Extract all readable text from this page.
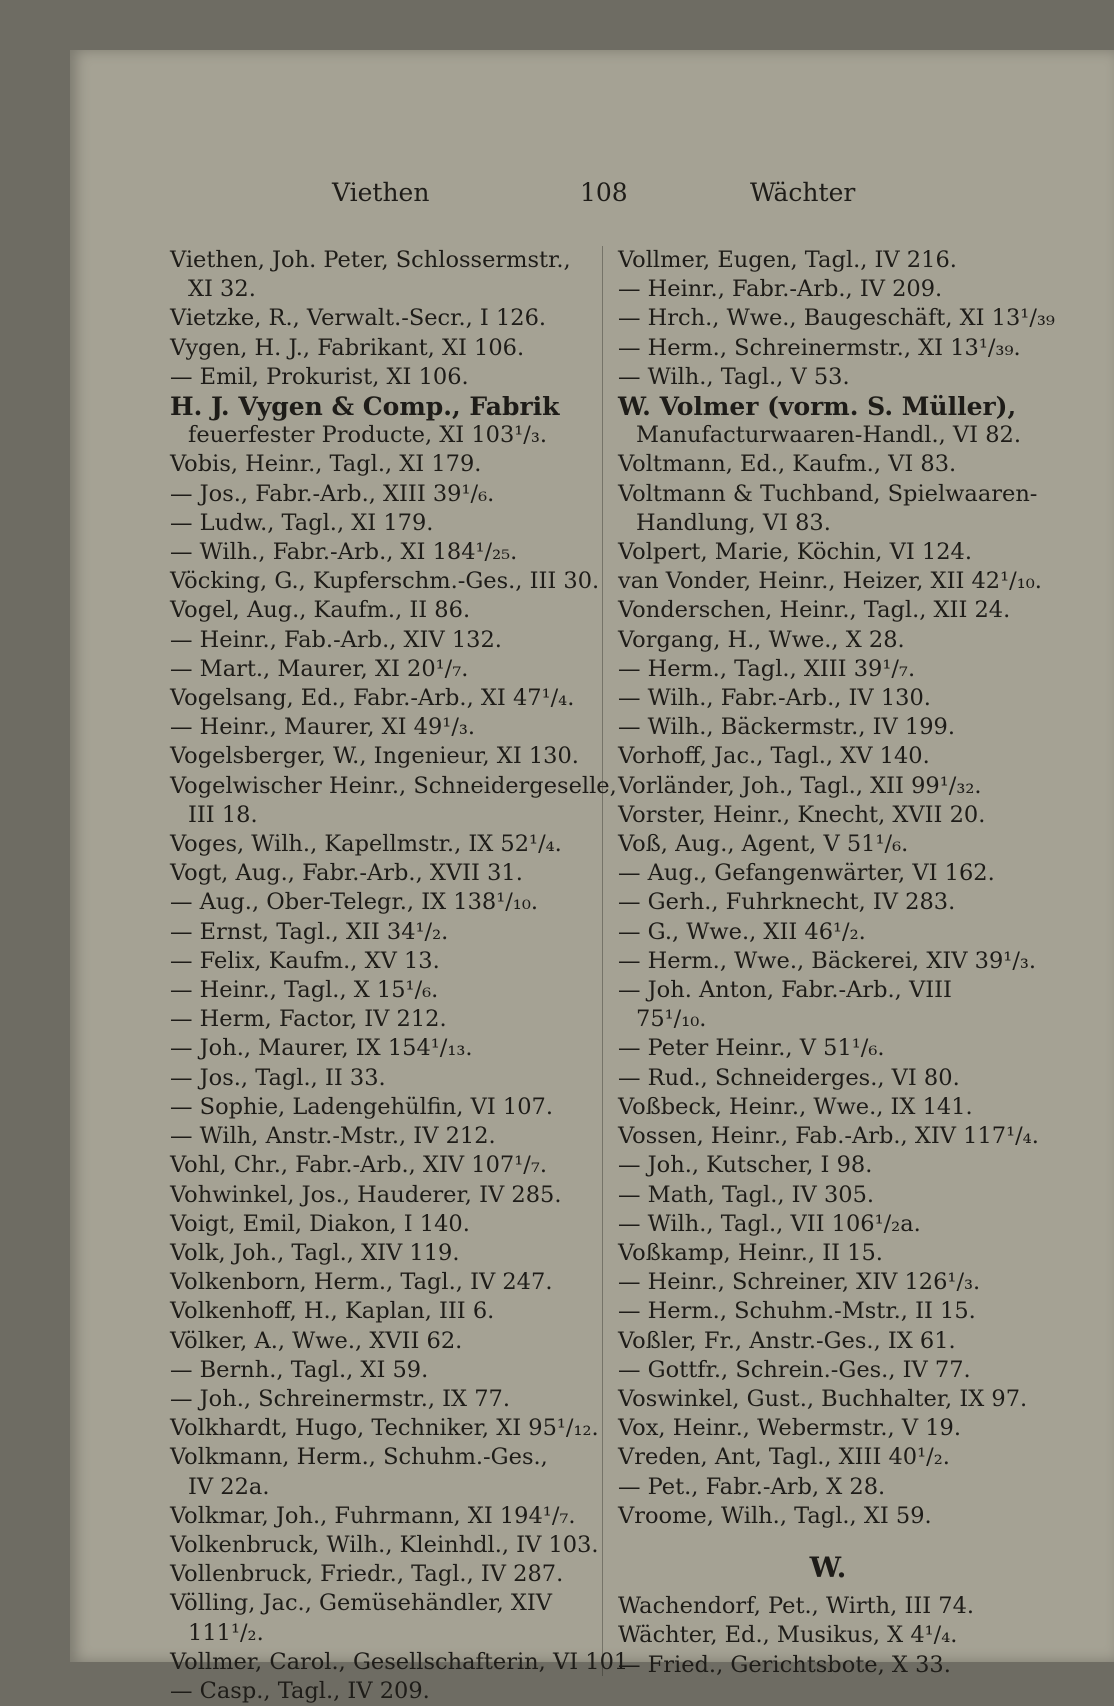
Viethen	108	Wächter
Viethen, Joh. Peter, Schlossermstr.,
XI 32.
Vietzke, R., Verwalt.-Secr., I 126.
Vygen, H. J., Fabrikant, XI 106.
— Emil, Prokurist, XI 106.
H. J. Vygen & Comp., Fabrik
feuerfester Producte, XI 103¹/₃.
Vobis, Heinr., Tagl., XI 179.
— Jos., Fabr.-Arb., XIII 39¹/₆.
— Ludw., Tagl., XI 179.
— Wilh., Fabr.-Arb., XI 184¹/₂₅.
Vöcking, G., Kupferschm.-Ges., III 30.
Vogel, Aug., Kaufm., II 86.
— Heinr., Fab.-Arb., XIV 132.
— Mart., Maurer, XI 20¹/₇.
Vogelsang, Ed., Fabr.-Arb., XI 47¹/₄.
— Heinr., Maurer, XI 49¹/₃.
Vogelsberger, W., Ingenieur, XI 130.
Vogelwischer Heinr., Schneidergeselle,
III 18.
Voges, Wilh., Kapellmstr., IX 52¹/₄.
Vogt, Aug., Fabr.-Arb., XVII 31.
— Aug., Ober-Telegr., IX 138¹/₁₀.
— Ernst, Tagl., XII 34¹/₂.
— Felix, Kaufm., XV 13.
— Heinr., Tagl., X 15¹/₆.
— Herm, Factor, IV 212.
— Joh., Maurer, IX 154¹/₁₃.
— Jos., Tagl., II 33.
— Sophie, Ladengehülfin, VI 107.
— Wilh, Anstr.-Mstr., IV 212.
Vohl, Chr., Fabr.-Arb., XIV 107¹/₇.
Vohwinkel, Jos., Hauderer, IV 285.
Voigt, Emil, Diakon, I 140.
Volk, Joh., Tagl., XIV 119.
Volkenborn, Herm., Tagl., IV 247.
Volkenhoff, H., Kaplan, III 6.
Völker, A., Wwe., XVII 62.
— Bernh., Tagl., XI 59.
— Joh., Schreinermstr., IX 77.
Volkhardt, Hugo, Techniker, XI 95¹/₁₂.
Volkmann, Herm., Schuhm.-Ges.,
IV 22a.
Volkmar, Joh., Fuhrmann, XI 194¹/₇.
Volkenbruck, Wilh., Kleinhdl., IV 103.
Vollenbruck, Friedr., Tagl., IV 287.
Völling, Jac., Gemüsehändler, XIV
111¹/₂.
Vollmer, Carol., Gesellschafterin, VI 101
— Casp., Tagl., IV 209.
Vollmer, Eugen, Tagl., IV 216.
— Heinr., Fabr.-Arb., IV 209.
— Hrch., Wwe., Baugeschäft, XI 13¹/₃₉
— Herm., Schreinermstr., XI 13¹/₃₉.
— Wilh., Tagl., V 53.
W. Volmer (vorm. S. Müller),
Manufacturwaaren-Handl., VI 82.
Voltmann, Ed., Kaufm., VI 83.
Voltmann & Tuchband, Spielwaaren-
Handlung, VI 83.
Volpert, Marie, Köchin, VI 124.
van Vonder, Heinr., Heizer, XII 42¹/₁₀.
Vonderschen, Heinr., Tagl., XII 24.
Vorgang, H., Wwe., X 28.
— Herm., Tagl., XIII 39¹/₇.
— Wilh., Fabr.-Arb., IV 130.
— Wilh., Bäckermstr., IV 199.
Vorhoff, Jac., Tagl., XV 140.
Vorländer, Joh., Tagl., XII 99¹/₃₂.
Vorster, Heinr., Knecht, XVII 20.
Voß, Aug., Agent, V 51¹/₆.
— Aug., Gefangenwärter, VI 162.
— Gerh., Fuhrknecht, IV 283.
— G., Wwe., XII 46¹/₂.
— Herm., Wwe., Bäckerei, XIV 39¹/₃.
— Joh. Anton, Fabr.-Arb., VIII
75¹/₁₀.
— Peter Heinr., V 51¹/₆.
— Rud., Schneiderges., VI 80.
Voßbeck, Heinr., Wwe., IX 141.
Vossen, Heinr., Fab.-Arb., XIV 117¹/₄.
— Joh., Kutscher, I 98.
— Math, Tagl., IV 305.
— Wilh., Tagl., VII 106¹/₂a.
Voßkamp, Heinr., II 15.
— Heinr., Schreiner, XIV 126¹/₃.
— Herm., Schuhm.-Mstr., II 15.
Voßler, Fr., Anstr.-Ges., IX 61.
— Gottfr., Schrein.-Ges., IV 77.
Voswinkel, Gust., Buchhalter, IX 97.
Vox, Heinr., Webermstr., V 19.
Vreden, Ant, Tagl., XIII 40¹/₂.
— Pet., Fabr.-Arb, X 28.
Vroome, Wilh., Tagl., XI 59.
W.
Wachendorf, Pet., Wirth, III 74.
Wächter, Ed., Musikus, X 4¹/₄.
— Fried., Gerichtsbote, X 33.
